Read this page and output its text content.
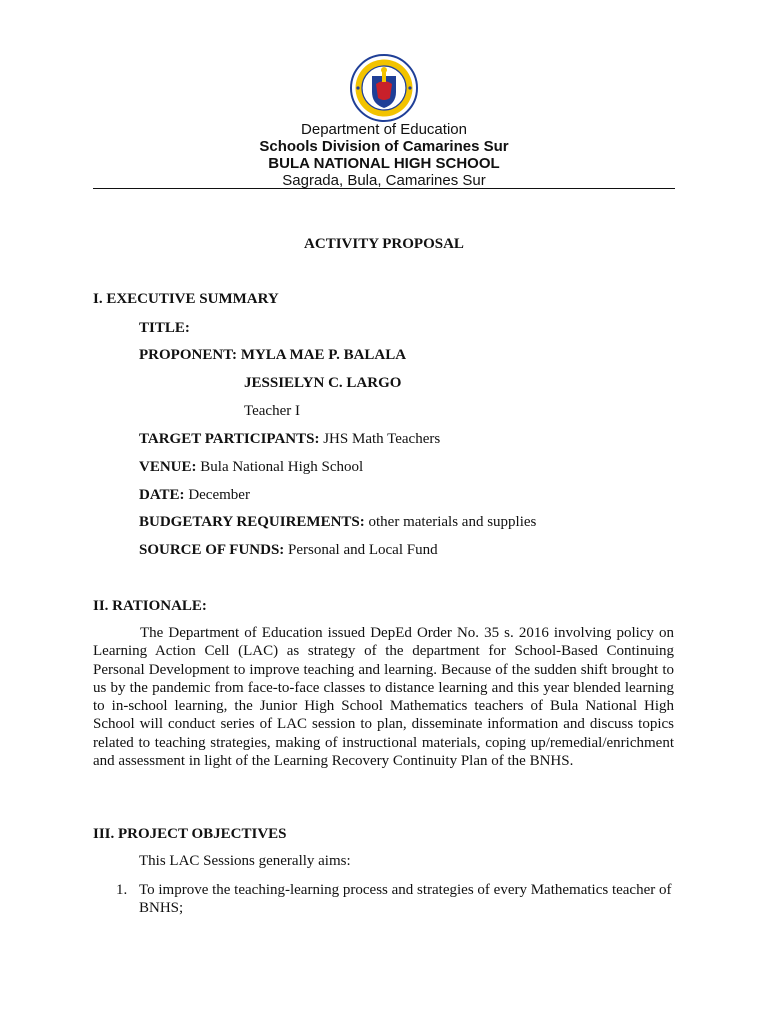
Department of Education
Schools Division of Camarines Sur
BULA NATIONAL HIGH SCHOOL
Sagrada, Bula, Camarines Sur
ACTIVITY PROPOSAL
I. EXECUTIVE SUMMARY
TITLE:
PROPONENT: MYLA MAE P. BALALA
JESSIELYN C. LARGO
Teacher I
TARGET PARTICIPANTS: JHS Math Teachers
VENUE: Bula National High School
DATE: December
BUDGETARY REQUIREMENTS: other materials and supplies
SOURCE OF FUNDS: Personal and Local Fund
II. RATIONALE:
The Department of Education issued DepEd Order No. 35 s. 2016 involving policy on Learning Action Cell (LAC) as strategy of the department for School-Based Continuing Personal Development to improve teaching and learning. Because of the sudden shift brought to us by the pandemic from face-to-face classes to distance learning and this year blended learning to in-school learning, the Junior High School Mathematics teachers of Bula National High School will conduct series of LAC session to plan, disseminate information and discuss topics related to teaching strategies, making of instructional materials, coping up/remedial/enrichment and assessment in light of the Learning Recovery Continuity Plan of the BNHS.
III. PROJECT OBJECTIVES
This LAC Sessions generally aims:
1. To improve the teaching-learning process and strategies of every Mathematics teacher of BNHS;
